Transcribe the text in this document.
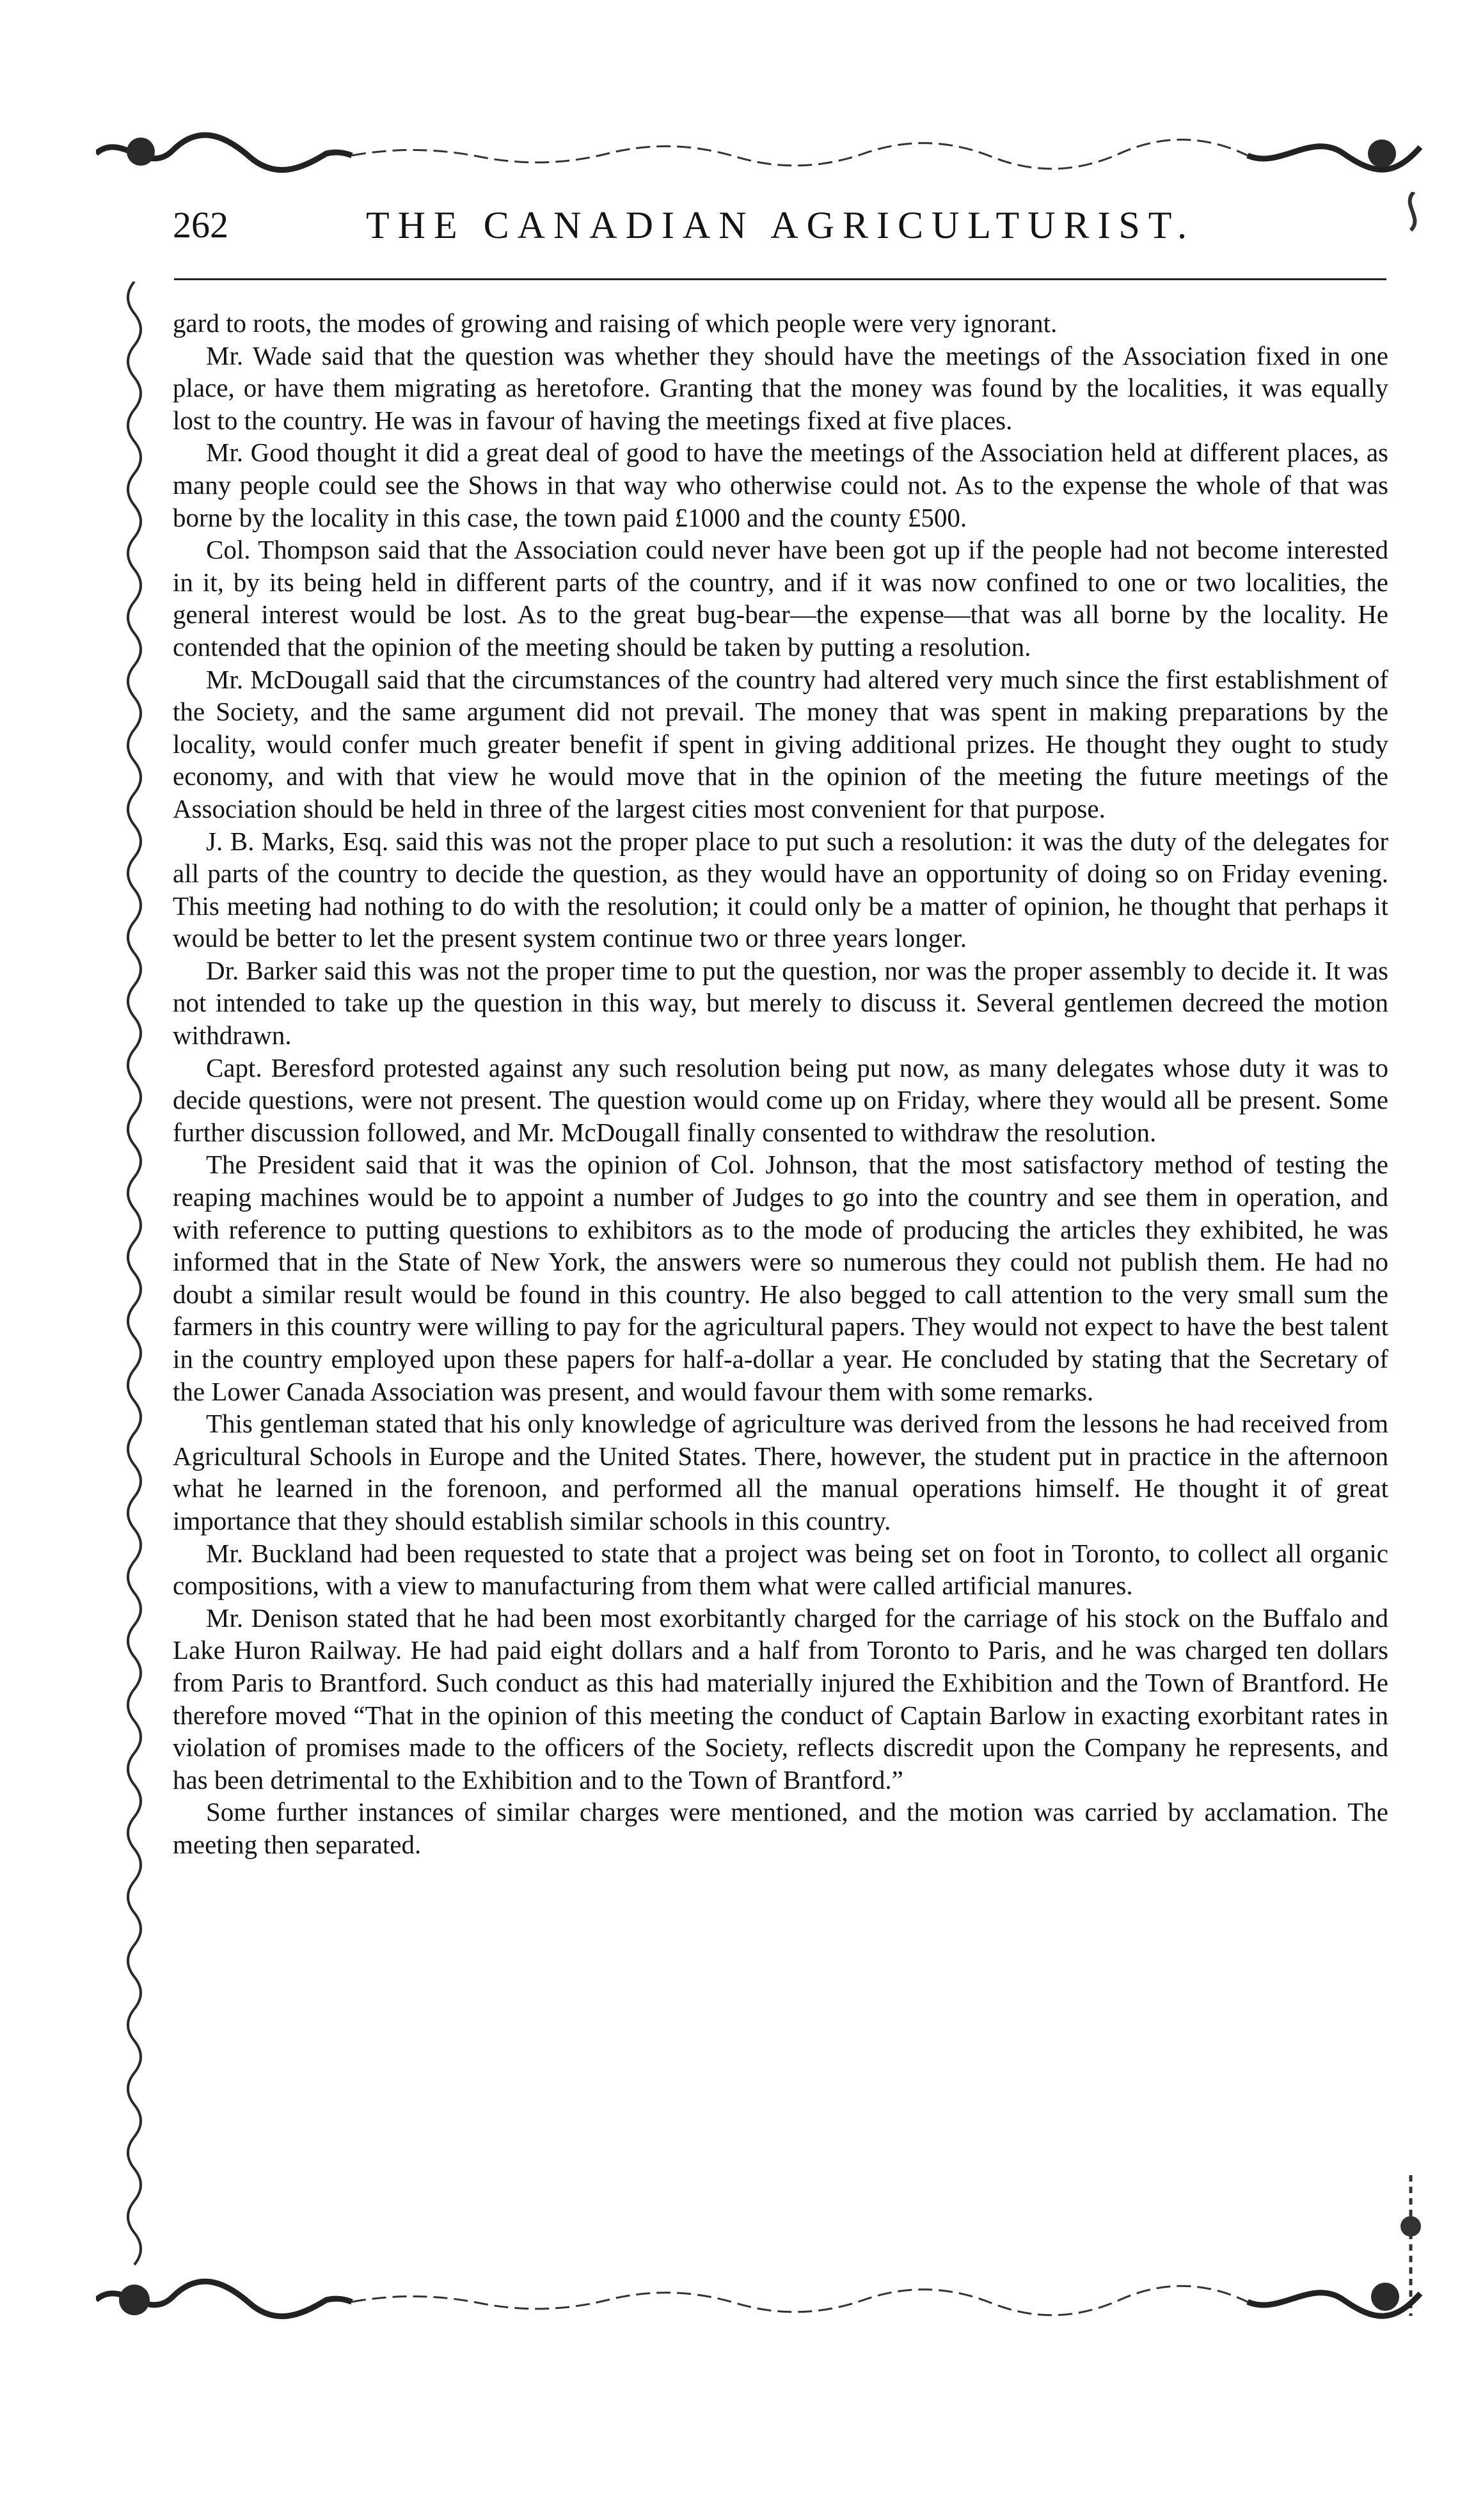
262	THE CANADIAN AGRICULTURIST.

gard to roots, the modes of growing and raising of which people were very ignorant.

Mr. Wade said that the question was whether they should have the meetings of the Association fixed in one place, or have them migrating as heretofore. Granting that the money was found by the localities, it was equally lost to the country. He was in favour of having the meetings fixed at five places.

Mr. Good thought it did a great deal of good to have the meetings of the Association held at different places, as many people could see the Shows in that way who otherwise could not. As to the expense the whole of that was borne by the locality in this case, the town paid £1000 and the county £500.

Col. Thompson said that the Association could never have been got up if the people had not become interested in it, by its being held in different parts of the country, and if it was now confined to one or two localities, the general interest would be lost. As to the great bug-bear—the expense—that was all borne by the locality. He contended that the opinion of the meeting should be taken by putting a resolution.

Mr. McDougall said that the circumstances of the country had altered very much since the first establishment of the Society, and the same argument did not prevail. The money that was spent in making preparations by the locality, would confer much greater benefit if spent in giving additional prizes. He thought they ought to study economy, and with that view he would move that in the opinion of the meeting the future meetings of the Association should be held in three of the largest cities most convenient for that purpose.

J. B. Marks, Esq. said this was not the proper place to put such a resolution: it was the duty of the delegates for all parts of the country to decide the question, as they would have an opportunity of doing so on Friday evening. This meeting had nothing to do with the resolution; it could only be a matter of opinion, he thought that perhaps it would be better to let the present system continue two or three years longer.

Dr. Barker said this was not the proper time to put the question, nor was the proper assembly to decide it. It was not intended to take up the question in this way, but merely to discuss it. Several gentlemen decreed the motion withdrawn.

Capt. Beresford protested against any such resolution being put now, as many delegates whose duty it was to decide questions, were not present. The question would come up on Friday, where they would all be present. Some further discussion followed, and Mr. McDougall finally consented to withdraw the resolution.

The President said that it was the opinion of Col. Johnson, that the most satisfactory method of testing the reaping machines would be to appoint a number of Judges to go into the country and see them in operation, and with reference to putting questions to exhibitors as to the mode of producing the articles they exhibited, he was informed that in the State of New York, the answers were so numerous they could not publish them. He had no doubt a similar result would be found in this country. He also begged to call attention to the very small sum the farmers in this country were willing to pay for the agricultural papers. They would not expect to have the best talent in the country employed upon these papers for half-a-dollar a year. He concluded by stating that the Secretary of the Lower Canada Association was present, and would favour them with some remarks.

This gentleman stated that his only knowledge of agriculture was derived from the lessons he had received from Agricultural Schools in Europe and the United States. There, however, the student put in practice in the afternoon what he learned in the forenoon, and performed all the manual operations himself. He thought it of great importance that they should establish similar schools in this country.

Mr. Buckland had been requested to state that a project was being set on foot in Toronto, to collect all organic compositions, with a view to manufacturing from them what were called artificial manures.

Mr. Denison stated that he had been most exorbitantly charged for the carriage of his stock on the Buffalo and Lake Huron Railway. He had paid eight dollars and a half from Toronto to Paris, and he was charged ten dollars from Paris to Brantford. Such conduct as this had materially injured the Exhibition and the Town of Brantford. He therefore moved “That in the opinion of this meeting the conduct of Captain Barlow in exacting exorbitant rates in violation of promises made to the officers of the Society, reflects discredit upon the Company he represents, and has been detrimental to the Exhibition and to the Town of Brantford.”

Some further instances of similar charges were mentioned, and the motion was carried by acclamation. The meeting then separated.
